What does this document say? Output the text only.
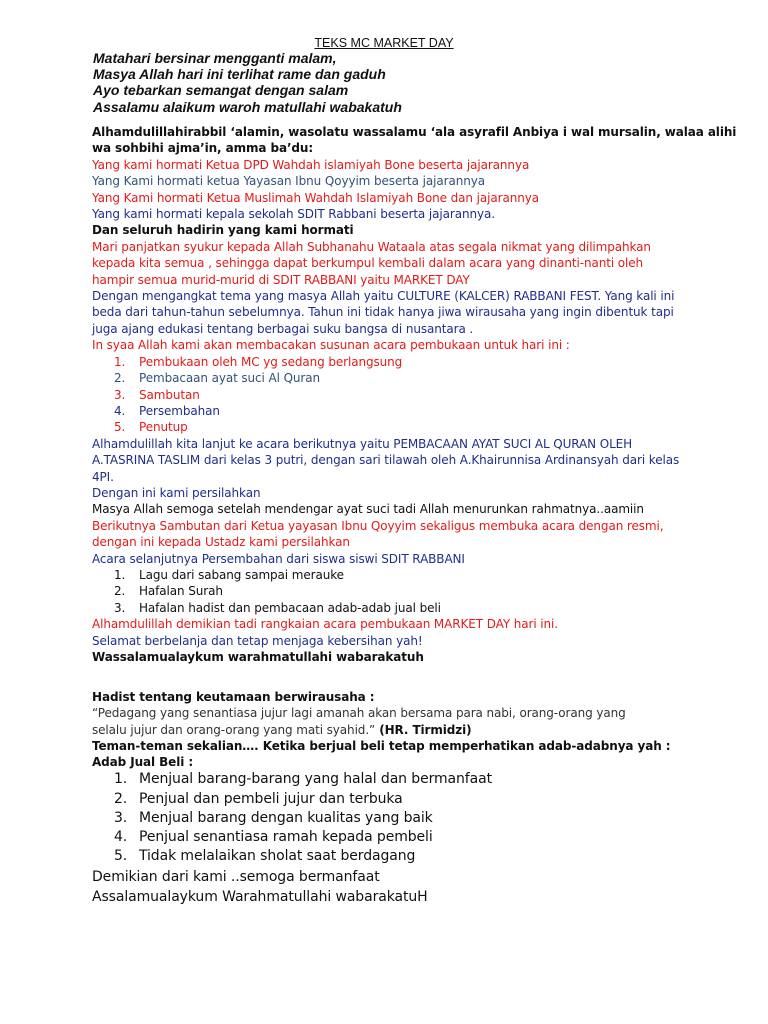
TEKS MC MARKET DAY
Matahari bersinar mengganti malam,
Masya Allah hari ini terlihat rame dan gaduh
Ayo tebarkan semangat dengan salam
Assalamu alaikum waroh matullahi wabakatuh
Alhamdulillahirabbil ‘alamin, wasolatu wassalamu ‘ala asyrafil Anbiya i wal mursalin, walaa alihi
wa sohbihi ajma’in, amma ba’du:
Yang kami hormati Ketua DPD Wahdah islamiyah Bone beserta jajarannya
Yang Kami hormati ketua Yayasan Ibnu Qoyyim beserta jajarannya
Yang Kami hormati Ketua Muslimah Wahdah Islamiyah Bone dan jajarannya
Yang kami hormati kepala sekolah SDIT Rabbani beserta jajarannya.
Dan seluruh hadirin yang kami hormati
Mari panjatkan syukur kepada Allah Subhanahu Wataala atas segala nikmat yang dilimpahkan
kepada kita semua , sehingga dapat berkumpul kembali dalam acara yang dinanti-nanti oleh
hampir semua murid-murid di SDIT RABBANI yaitu MARKET DAY
Dengan mengangkat tema yang masya Allah yaitu CULTURE (KALCER) RABBANI FEST. Yang kali ini
beda dari tahun-tahun sebelumnya. Tahun ini tidak hanya jiwa wirausaha yang ingin dibentuk tapi
juga ajang edukasi tentang berbagai suku bangsa di nusantara .
In syaa Allah kami akan membacakan susunan acara pembukaan untuk hari ini :
1. Pembukaan oleh MC yg sedang berlangsung
2. Pembacaan ayat suci Al Quran
3. Sambutan
4. Persembahan
5. Penutup
Alhamdulillah kita lanjut ke acara berikutnya yaitu PEMBACAAN AYAT SUCI AL QURAN OLEH
A.TASRINA TASLIM dari kelas 3 putri, dengan sari tilawah oleh A.Khairunnisa Ardinansyah dari kelas
4PI.
Dengan ini kami persilahkan
Masya Allah semoga setelah mendengar ayat suci tadi Allah menurunkan rahmatnya..aamiin
Berikutnya Sambutan dari Ketua yayasan Ibnu Qoyyim sekaligus membuka acara dengan resmi,
dengan ini kepada Ustadz kami persilahkan
Acara selanjutnya Persembahan dari siswa siswi SDIT RABBANI
1. Lagu dari sabang sampai merauke
2. Hafalan Surah
3. Hafalan hadist dan pembacaan adab-adab jual beli
Alhamdulillah demikian tadi rangkaian acara pembukaan MARKET DAY hari ini.
Selamat berbelanja dan tetap menjaga kebersihan yah!
Wassalamualaykum warahmatullahi wabarakatuh
Hadist tentang keutamaan berwirausaha :
“Pedagang yang senantiasa jujur lagi amanah akan bersama para nabi, orang-orang yang
selalu jujur dan orang-orang yang mati syahid.” (HR. Tirmidzi)
Teman-teman sekalian…. Ketika berjual beli tetap memperhatikan adab-adabnya yah :
Adab Jual Beli :
1. Menjual barang-barang yang halal dan bermanfaat
2. Penjual dan pembeli jujur dan terbuka
3. Menjual barang dengan kualitas yang baik
4. Penjual senantiasa ramah kepada pembeli
5. Tidak melalaikan sholat saat berdagang
Demikian dari kami ..semoga bermanfaat
Assalamualaykum Warahmatullahi wabarakatuH
